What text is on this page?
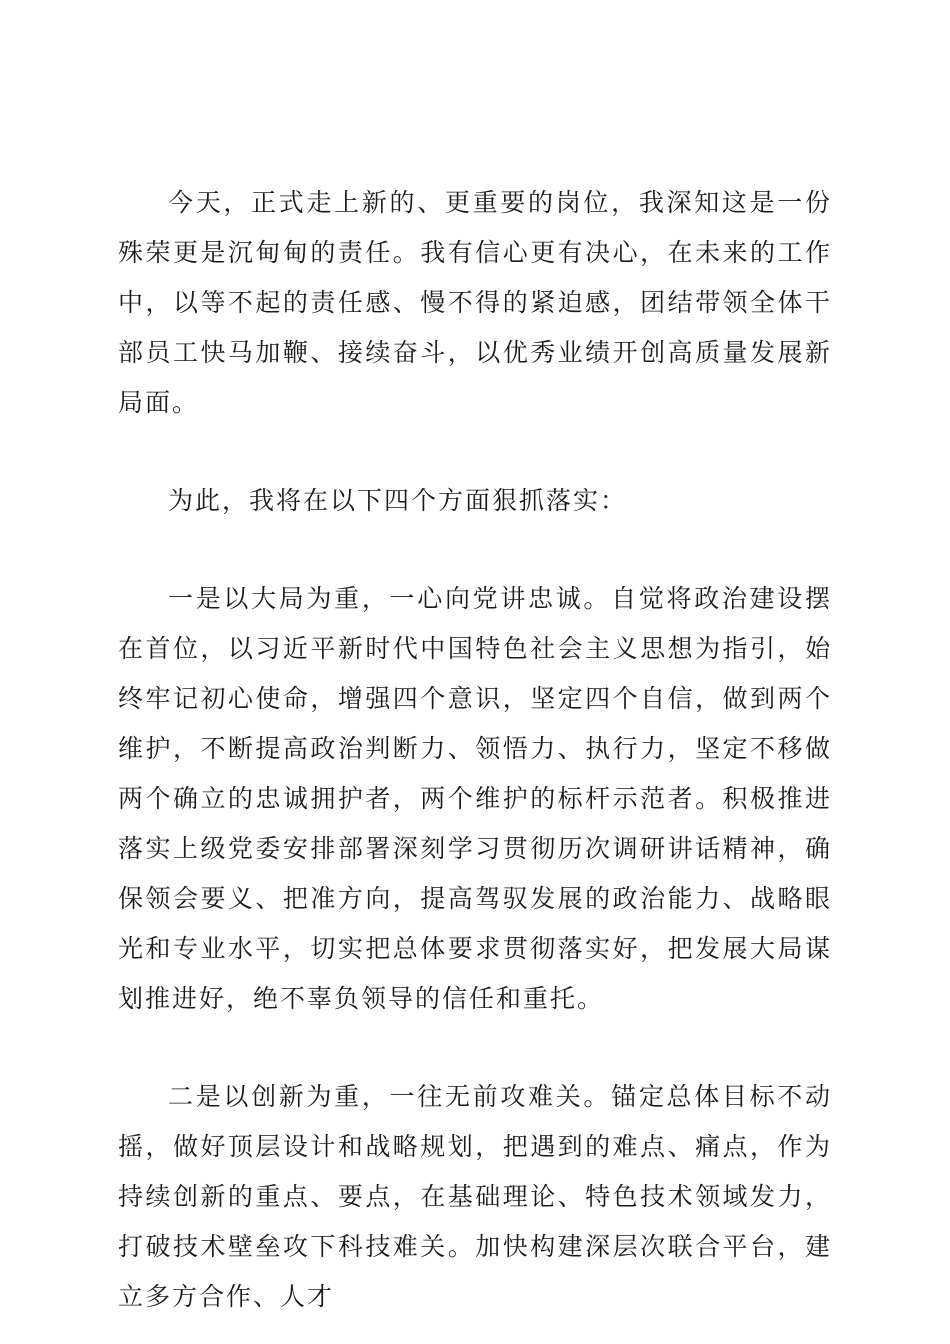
今天，正式走上新的、更重要的岗位，我深知这是一份殊荣更是沉甸甸的责任。我有信心更有决心，在未来的工作中，以等不起的责任感、慢不得的紧迫感，团结带领全体干部员工快马加鞭、接续奋斗，以优秀业绩开创高质量发展新局面。

为此，我将在以下四个方面狠抓落实：

一是以大局为重，一心向党讲忠诚。自觉将政治建设摆在首位，以习近平新时代中国特色社会主义思想为指引，始终牢记初心使命，增强四个意识，坚定四个自信，做到两个维护，不断提高政治判断力、领悟力、执行力，坚定不移做两个确立的忠诚拥护者，两个维护的标杆示范者。积极推进落实上级党委安排部署深刻学习贯彻历次调研讲话精神，确保领会要义、把准方向，提高驾驭发展的政治能力、战略眼光和专业水平，切实把总体要求贯彻落实好，把发展大局谋划推进好，绝不辜负领导的信任和重托。

二是以创新为重，一往无前攻难关。锚定总体目标不动摇，做好顶层设计和战略规划，把遇到的难点、痛点，作为持续创新的重点、要点，在基础理论、特色技术领域发力，打破技术壁垒攻下科技难关。加快构建深层次联合平台，建立多方合作、人才
